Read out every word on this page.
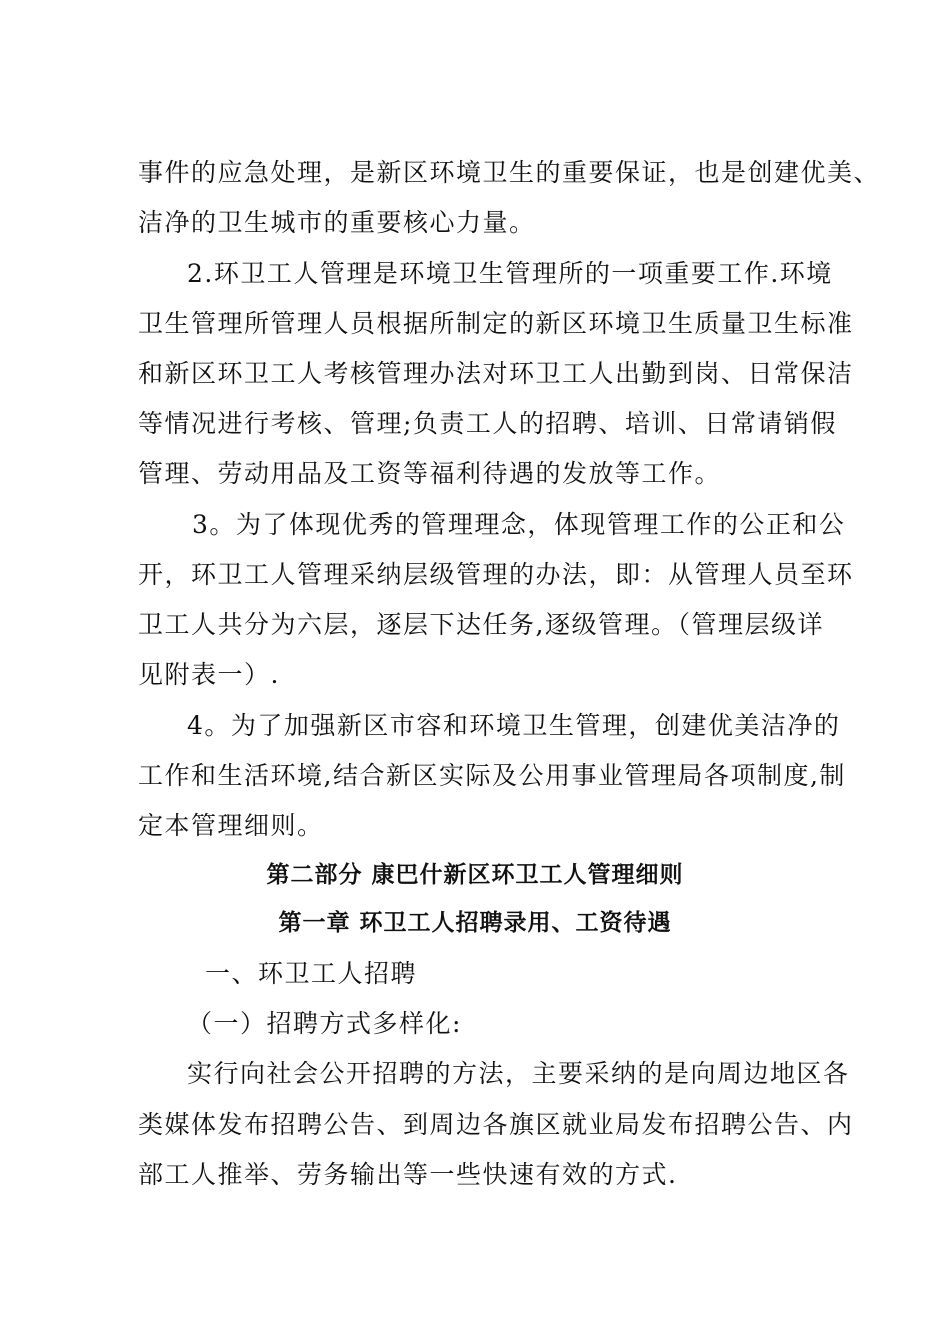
事件的应急处理，是新区环境卫生的重要保证，也是创建优美、
洁净的卫生城市的重要核心力量。
2.环卫工人管理是环境卫生管理所的一项重要工作.环境
卫生管理所管理人员根据所制定的新区环境卫生质量卫生标准
和新区环卫工人考核管理办法对环卫工人出勤到岗、日常保洁
等情况进行考核、管理;负责工人的招聘、培训、日常请销假
管理、劳动用品及工资等福利待遇的发放等工作。
3。为了体现优秀的管理理念，体现管理工作的公正和公
开，环卫工人管理采纳层级管理的办法，即：从管理人员至环
卫工人共分为六层，逐层下达任务,逐级管理。（管理层级详
见附表一）.
4。为了加强新区市容和环境卫生管理，创建优美洁净的
工作和生活环境,结合新区实际及公用事业管理局各项制度,制
定本管理细则。
第二部分 康巴什新区环卫工人管理细则
第一章 环卫工人招聘录用、工资待遇
一、环卫工人招聘
（一）招聘方式多样化:
实行向社会公开招聘的方法，主要采纳的是向周边地区各
类媒体发布招聘公告、到周边各旗区就业局发布招聘公告、内
部工人推举、劳务输出等一些快速有效的方式.
